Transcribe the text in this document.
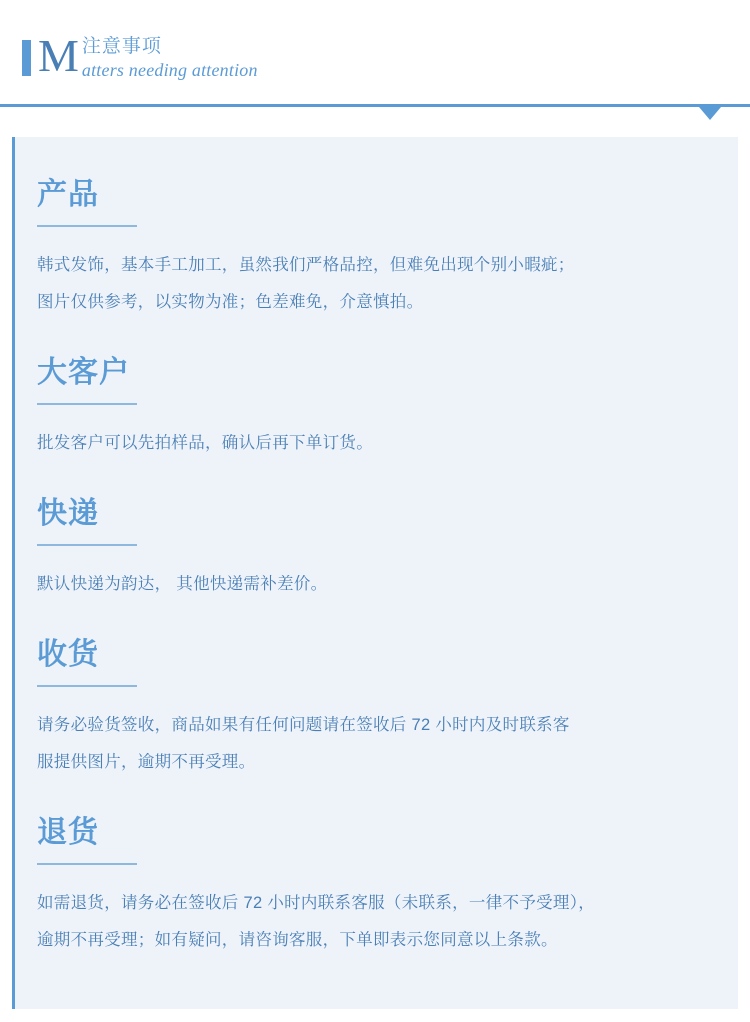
M 注意事项
atters needing attention
产品
韩式发饰，基本手工加工，虽然我们严格品控，但难免出现个别小暇疵；
图片仅供参考，以实物为准；色差难免，介意慎拍。
大客户
批发客户可以先拍样品，确认后再下单订货。
快递
默认快递为韵达， 其他快递需补差价。
收货
请务必验货签收，商品如果有任何问题请在签收后 72 小时内及时联系客
服提供图片，逾期不再受理。
退货
如需退货，请务必在签收后 72 小时内联系客服（未联系，一律不予受理），
逾期不再受理；如有疑问，请咨询客服，下单即表示您同意以上条款。
